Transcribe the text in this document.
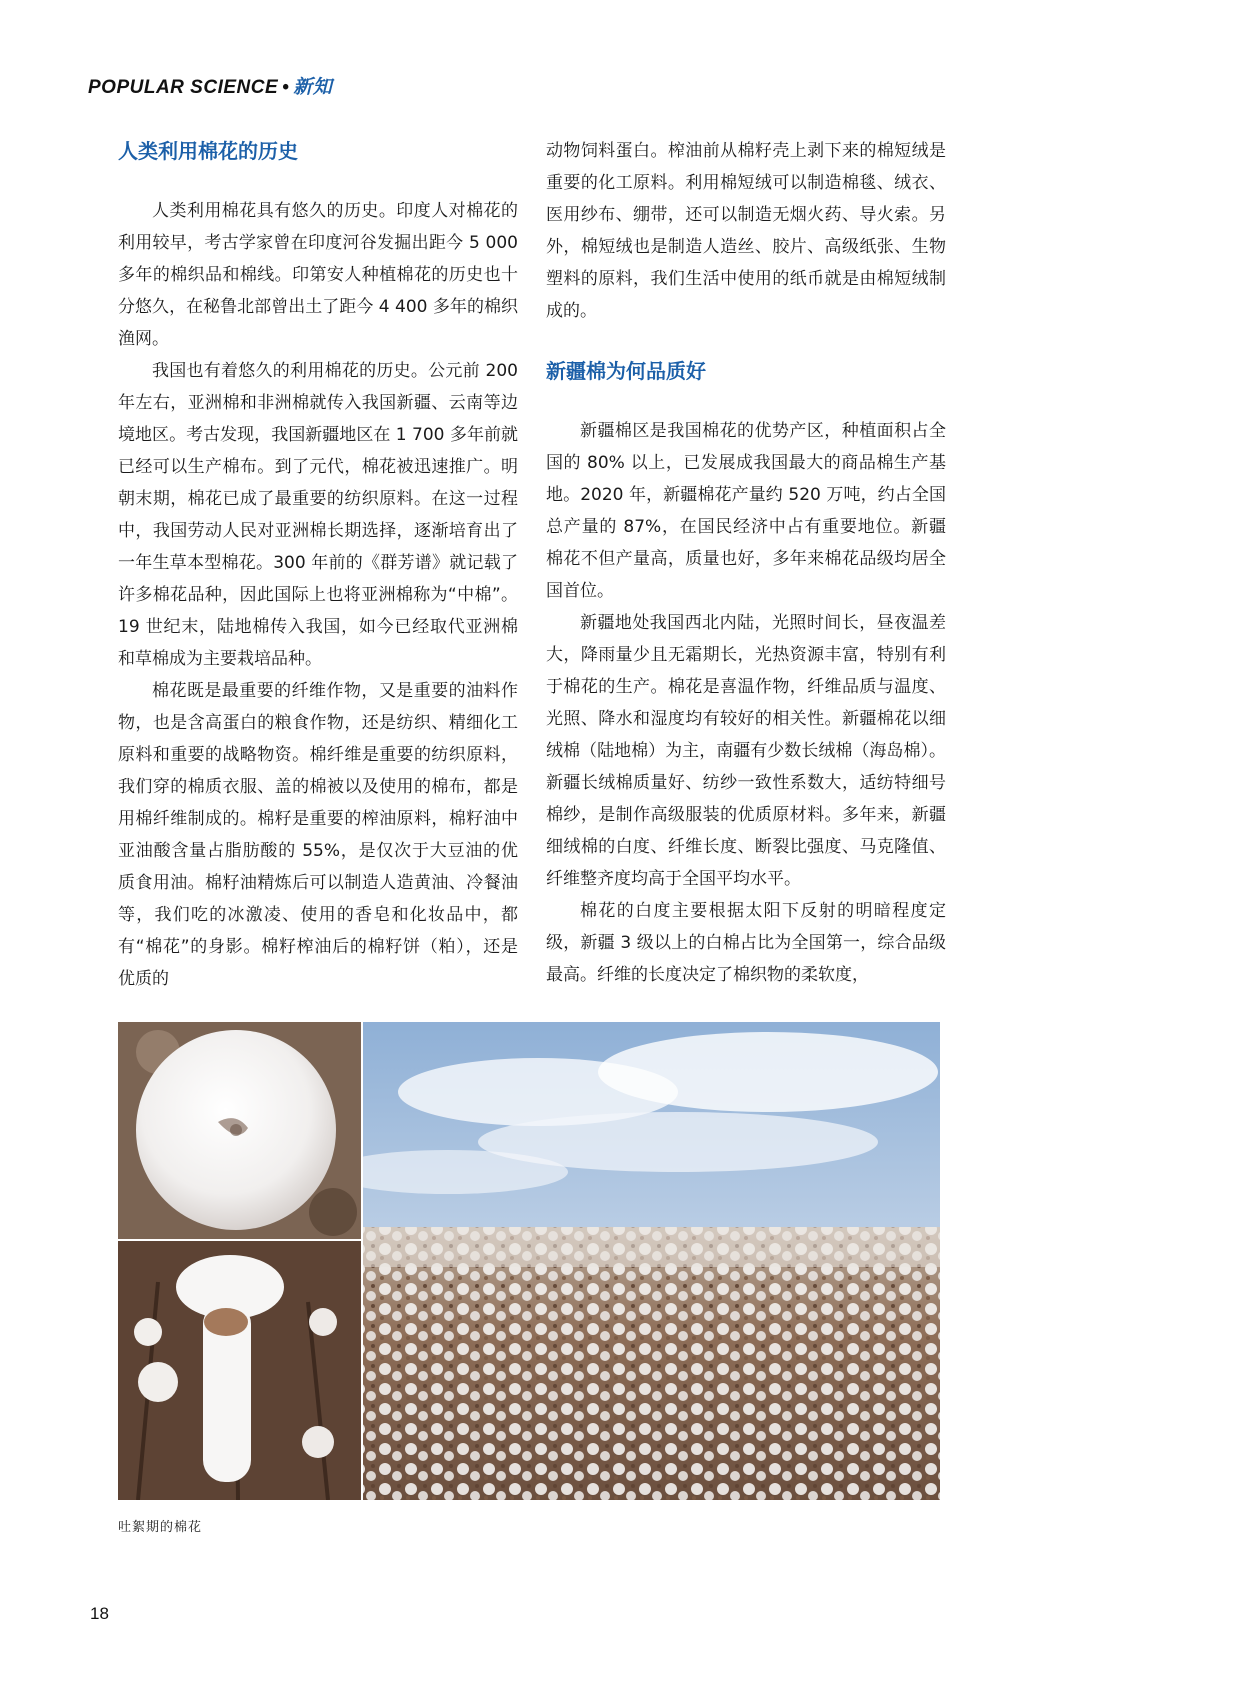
POPULAR SCIENCE • 新知
人类利用棉花的历史

人类利用棉花具有悠久的历史。印度人对棉花的利用较早，考古学家曾在印度河谷发掘出距今 5 000 多年的棉织品和棉线。印第安人种植棉花的历史也十分悠久，在秘鲁北部曾出土了距今 4 400 多年的棉织渔网。

我国也有着悠久的利用棉花的历史。公元前 200 年左右，亚洲棉和非洲棉就传入我国新疆、云南等边境地区。考古发现，我国新疆地区在 1 700 多年前就已经可以生产棉布。到了元代，棉花被迅速推广。明朝末期，棉花已成了最重要的纺织原料。在这一过程中，我国劳动人民对亚洲棉长期选择，逐渐培育出了一年生草本型棉花。300 年前的《群芳谱》就记载了许多棉花品种，因此国际上也将亚洲棉称为“中棉”。19 世纪末，陆地棉传入我国，如今已经取代亚洲棉和草棉成为主要栽培品种。

棉花既是最重要的纤维作物，又是重要的油料作物，也是含高蛋白的粮食作物，还是纺织、精细化工原料和重要的战略物资。棉纤维是重要的纺织原料，我们穿的棉质衣服、盖的棉被以及使用的棉布，都是用棉纤维制成的。棉籽是重要的榨油原料，棉籽油中亚油酸含量占脂肪酸的 55%，是仅次于大豆油的优质食用油。棉籽油精炼后可以制造人造黄油、冷餐油等，我们吃的冰激凌、使用的香皂和化妆品中，都有“棉花”的身影。棉籽榨油后的棉籽饼（粕），还是优质的

动物饲料蛋白。榨油前从棉籽壳上剥下来的棉短绒是重要的化工原料。利用棉短绒可以制造棉毯、绒衣、医用纱布、绷带，还可以制造无烟火药、导火索。另外，棉短绒也是制造人造丝、胶片、高级纸张、生物塑料的原料，我们生活中使用的纸币就是由棉短绒制成的。

新疆棉为何品质好

新疆棉区是我国棉花的优势产区，种植面积占全国的 80% 以上，已发展成我国最大的商品棉生产基地。2020 年，新疆棉花产量约 520 万吨，约占全国总产量的 87%，在国民经济中占有重要地位。新疆棉花不但产量高，质量也好，多年来棉花品级均居全国首位。

新疆地处我国西北内陆，光照时间长，昼夜温差大，降雨量少且无霜期长，光热资源丰富，特别有利于棉花的生产。棉花是喜温作物，纤维品质与温度、光照、降水和湿度均有较好的相关性。新疆棉花以细绒棉（陆地棉）为主，南疆有少数长绒棉（海岛棉）。新疆长绒棉质量好、纺纱一致性系数大，适纺特细号棉纱，是制作高级服装的优质原材料。多年来，新疆细绒棉的白度、纤维长度、断裂比强度、马克隆值、纤维整齐度均高于全国平均水平。

棉花的白度主要根据太阳下反射的明暗程度定级，新疆 3 级以上的白棉占比为全国第一，综合品级最高。纤维的长度决定了棉织物的柔软度，

吐絮期的棉花
18
